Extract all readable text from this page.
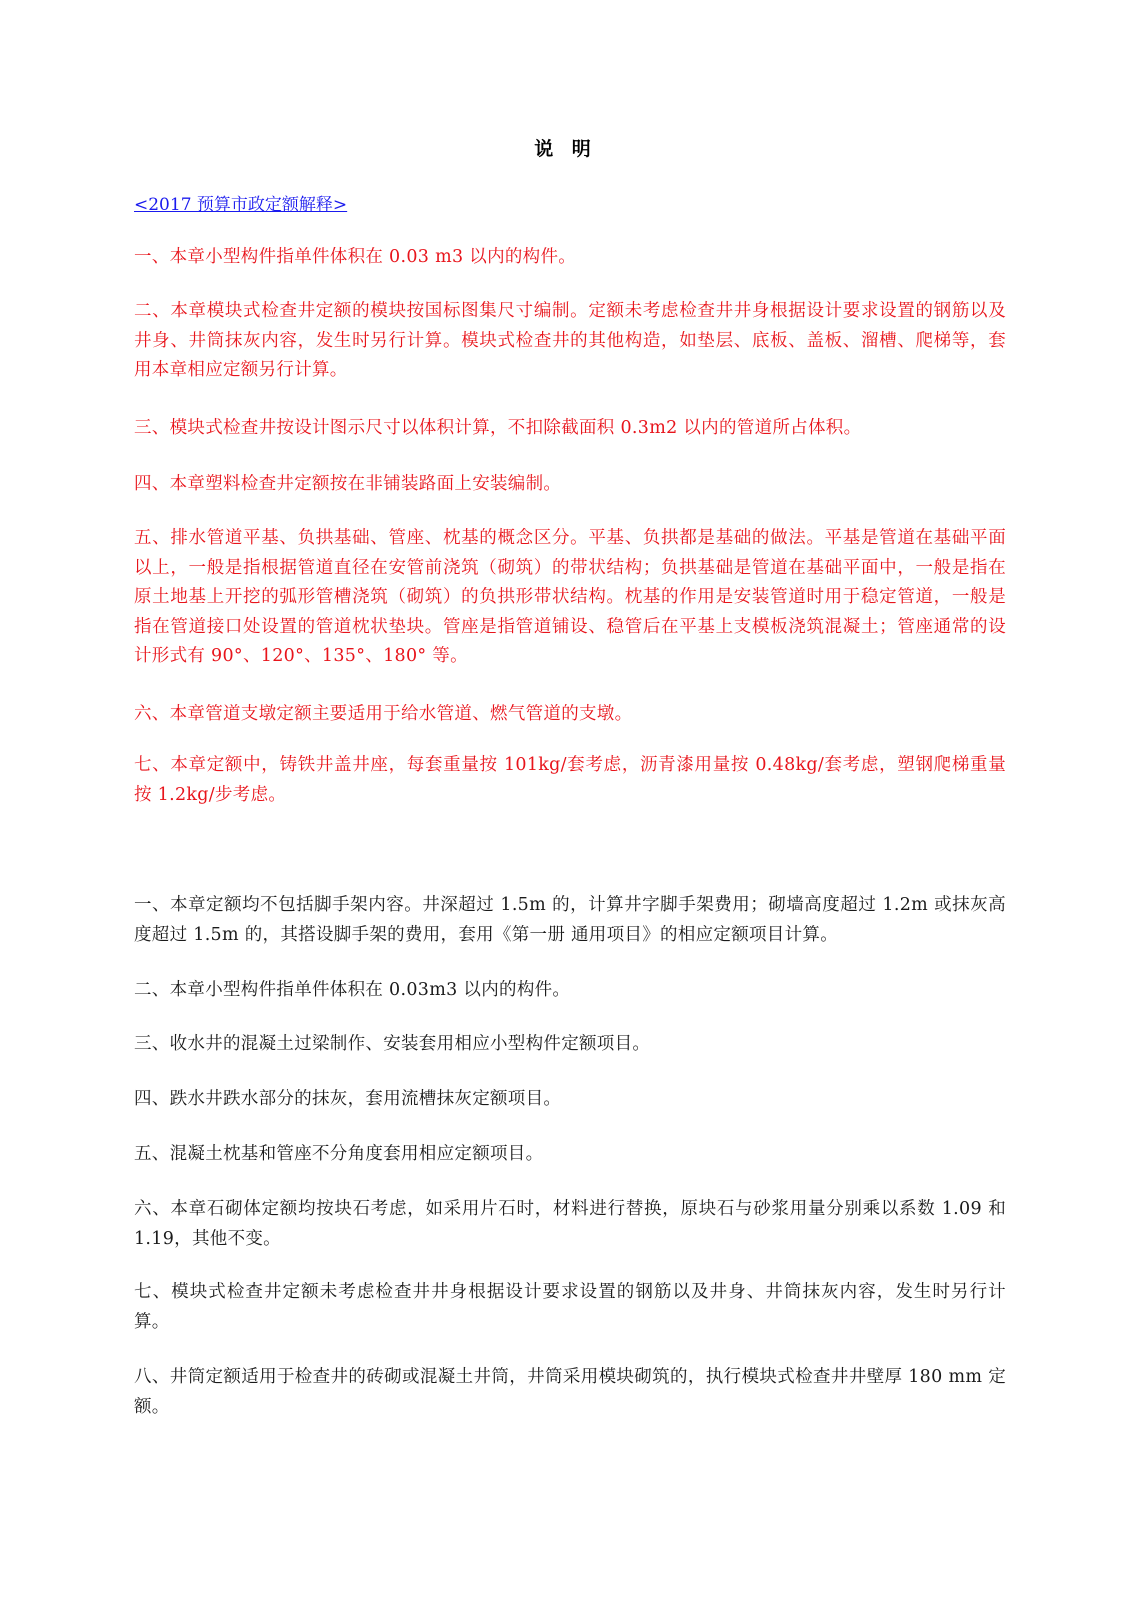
说 明
<2017 预算市政定额解释>

一、本章小型构件指单件体积在 0.03 m3 以内的构件。

二、本章模块式检查井定额的模块按国标图集尺寸编制。定额未考虑检查井井身根据设计要求设置的钢筋以及井身、井筒抹灰内容，发生时另行计算。模块式检查井的其他构造，如垫层、底板、盖板、溜槽、爬梯等，套用本章相应定额另行计算。

三、模块式检查井按设计图示尺寸以体积计算，不扣除截面积 0.3m2 以内的管道所占体积。

四、本章塑料检查井定额按在非铺装路面上安装编制。

五、排水管道平基、负拱基础、管座、枕基的概念区分。平基、负拱都是基础的做法。平基是管道在基础平面以上，一般是指根据管道直径在安管前浇筑（砌筑）的带状结构；负拱基础是管道在基础平面中，一般是指在原土地基上开挖的弧形管槽浇筑（砌筑）的负拱形带状结构。枕基的作用是安装管道时用于稳定管道，一般是指在管道接口处设置的管道枕状垫块。管座是指管道铺设、稳管后在平基上支模板浇筑混凝土；管座通常的设计形式有 90°、120°、135°、180° 等。

六、本章管道支墩定额主要适用于给水管道、燃气管道的支墩。

七、本章定额中，铸铁井盖井座，每套重量按 101kg/套考虑，沥青漆用量按 0.48kg/套考虑，塑钢爬梯重量按 1.2kg/步考虑。

一、本章定额均不包括脚手架内容。井深超过 1.5m 的，计算井字脚手架费用；砌墙高度超过 1.2m 或抹灰高度超过 1.5m 的，其搭设脚手架的费用，套用《第一册 通用项目》的相应定额项目计算。

二、本章小型构件指单件体积在 0.03m3 以内的构件。

三、收水井的混凝土过梁制作、安装套用相应小型构件定额项目。

四、跌水井跌水部分的抹灰，套用流槽抹灰定额项目。

五、混凝土枕基和管座不分角度套用相应定额项目。

六、本章石砌体定额均按块石考虑，如采用片石时，材料进行替换，原块石与砂浆用量分别乘以系数 1.09 和 1.19，其他不变。

七、模块式检查井定额未考虑检查井井身根据设计要求设置的钢筋以及井身、井筒抹灰内容，发生时另行计算。

八、井筒定额适用于检查井的砖砌或混凝土井筒，井筒采用模块砌筑的，执行模块式检查井井壁厚 180 mm 定额。
